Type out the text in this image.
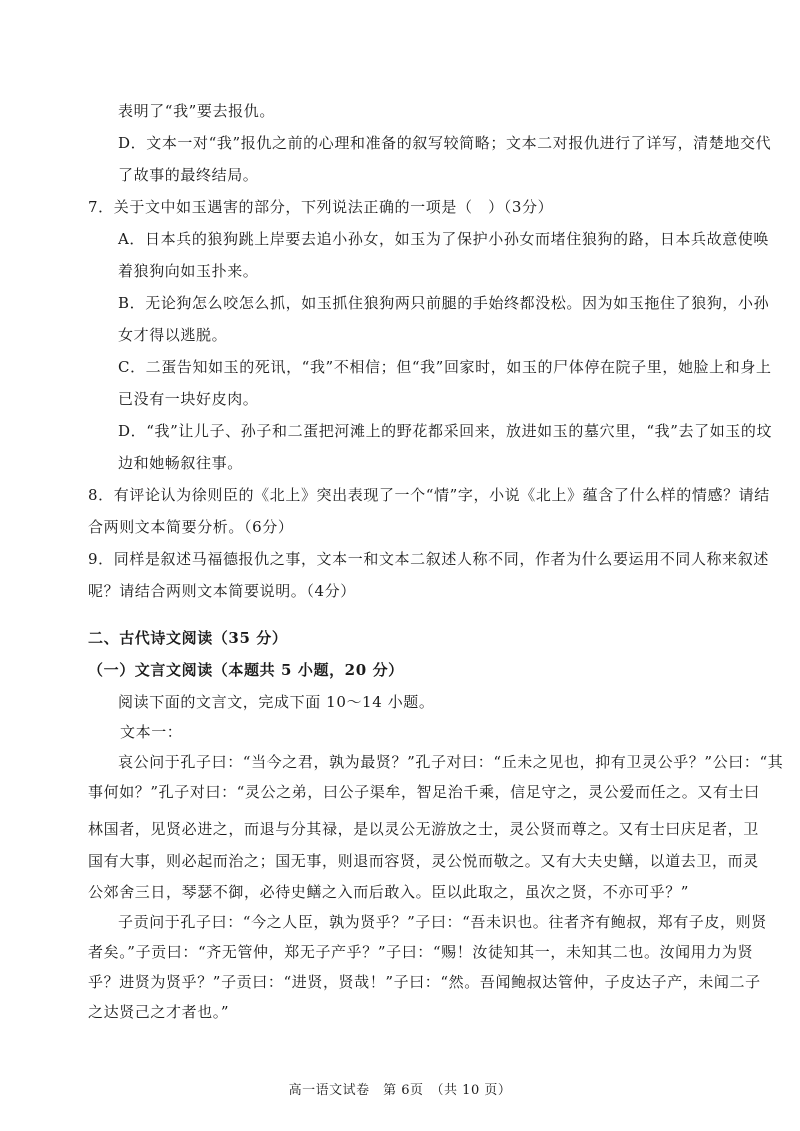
表明了“我”要去报仇。
D．文本一对“我”报仇之前的心理和准备的叙写较简略；文本二对报仇进行了详写，清楚地交代
了故事的最终结局。
7．关于文中如玉遇害的部分，下列说法正确的一项是（　）（3分）
A．日本兵的狼狗跳上岸要去追小孙女，如玉为了保护小孙女而堵住狼狗的路，日本兵故意使唤
着狼狗向如玉扑来。
B．无论狗怎么咬怎么抓，如玉抓住狼狗两只前腿的手始终都没松。因为如玉拖住了狼狗，小孙
女才得以逃脱。
C．二蛋告知如玉的死讯，“我”不相信；但“我”回家时，如玉的尸体停在院子里，她脸上和身上
已没有一块好皮肉。
D．“我”让儿子、孙子和二蛋把河滩上的野花都采回来，放进如玉的墓穴里，“我”去了如玉的坟
边和她畅叙往事。
8．有评论认为徐则臣的《北上》突出表现了一个“情”字，小说《北上》蕴含了什么样的情感？请结
合两则文本简要分析。（6分）
9．同样是叙述马福德报仇之事，文本一和文本二叙述人称不同，作者为什么要运用不同人称来叙述
呢？请结合两则文本简要说明。（4分）
二、古代诗文阅读（35 分）
（一）文言文阅读（本题共 5 小题，20 分）
阅读下面的文言文，完成下面 10～14 小题。
文本一：
哀公问于孔子曰：“当今之君，孰为最贤？”孔子对曰：“丘未之见也，抑有卫灵公乎？”公曰：“其
事何如？”孔子对曰：“灵公之弟，曰公子渠牟，智足治千乘，信足守之，灵公爱而任之。又有士曰
林国者，见贤必进之，而退与分其禄，是以灵公无游放之士，灵公贤而尊之。又有士曰庆足者，卫
国有大事，则必起而治之；国无事，则退而容贤，灵公悦而敬之。又有大夫史鳝，以道去卫，而灵
公郊舍三日，琴瑟不御，必待史鳝之入而后敢入。臣以此取之，虽次之贤，不亦可乎？”
子贡问于孔子曰：“今之人臣，孰为贤乎？”子曰：“吾未识也。往者齐有鲍叔，郑有子皮，则贤
者矣。”子贡曰：“齐无管仲，郑无子产乎？”子曰：“赐！汝徒知其一，未知其二也。汝闻用力为贤
乎？进贤为贤乎？”子贡曰：“进贤，贤哉！”子曰：“然。吾闻鲍叔达管仲，子皮达子产，未闻二子
之达贤己之才者也。”
高一语文试卷　第 6页　（共 10 页）
